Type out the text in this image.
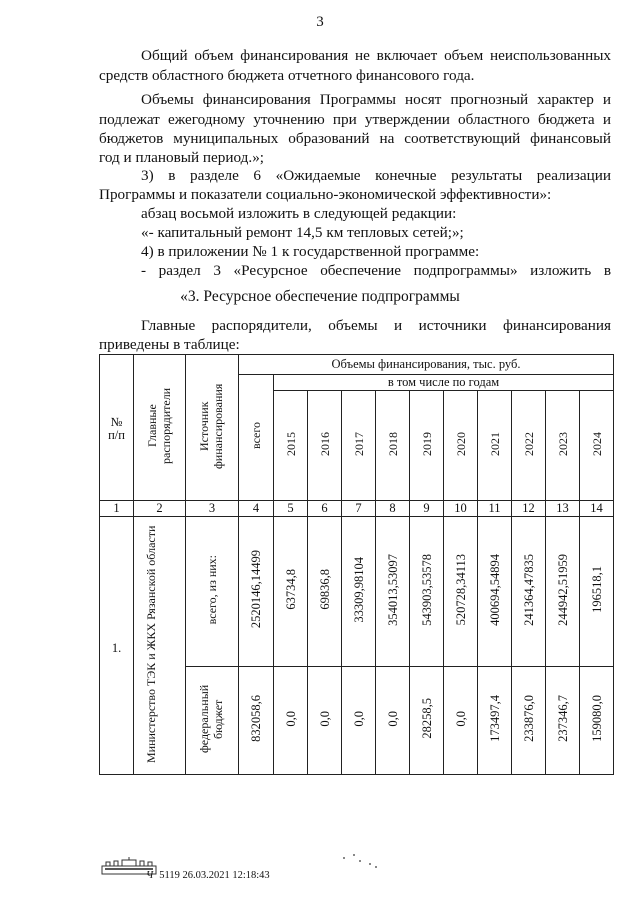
3
Общий объем финансирования не включает объем неиспользованных
средств областного бюджета отчетного финансового года.
Объемы финансирования Программы носят прогнозный характер и
подлежат ежегодному уточнению при утверждении областного бюджета и
бюджетов муниципальных образований на соответствующий финансовый
год и плановый период.»;
3) в разделе 6 «Ожидаемые конечные результаты реализации
Программы и показатели социально-экономической эффективности»:
абзац восьмой изложить в следующей редакции:
«- капитальный ремонт 14,5 км тепловых сетей;»;
4) в приложении № 1 к государственной программе:
- раздел 3 «Ресурсное обеспечение подпрограммы» изложить в
«3. Ресурсное обеспечение подпрограммы
Главные распорядители, объемы и источники финансирования
приведены в таблице:
№ п/п	Главные распорядители	Источник финансирования	Объемы финансирования, тыс. руб.										
			всего	в том числе по годам									
				2015	2016	2017	2018	2019	2020	2021	2022	2023	2024
1	2	3	4	5	6	7	8	9	10	11	12	13	14
1.	Министерство ТЭК и ЖКХ Рязанской области	всего, из них:	2520146,14499	63734,8	69836,8	33309,98104	354013,53097	543903,53578	520728,34113	400694,54894	241364,47835	244942,51959	196518,1
		федеральный бюджет	832058,6	0,0	0,0	0,0	0,0	28258,5	0,0	173497,4	233876,0	237346,7	159080,0
Ч 5119 26.03.2021 12:18:43
